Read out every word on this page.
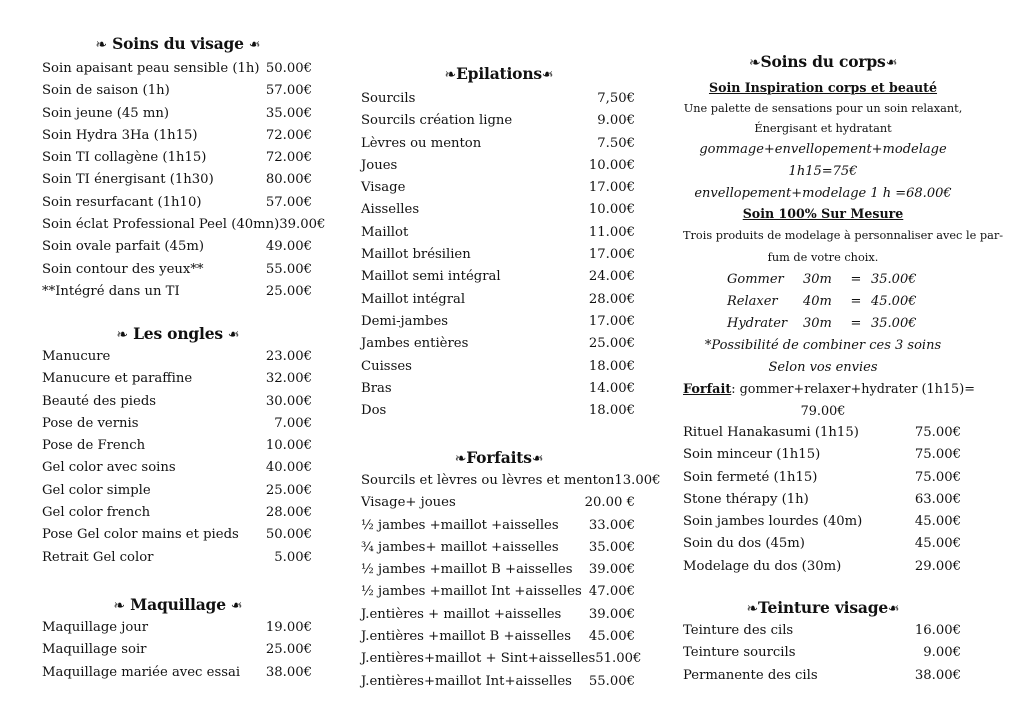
❧ Soins du visage ❧
Soin apaisant peau sensible (1h) 50.00€
Soin de saison (1h)	57.00€
Soin jeune (45 mn)	35.00€
Soin Hydra 3Ha (1h15)	72.00€
Soin TI collagène (1h15)	72.00€
Soin TI énergisant (1h30)	80.00€
Soin resurfacant (1h10)	57.00€
Soin éclat Professional Peel (40mn) 39.00€
Soin ovale parfait (45m)	49.00€
Soin contour des yeux**	55.00€
**Intégré dans un TI	25.00€
❧ Les ongles ❧
Manucure	23.00€
Manucure et paraffine	32.00€
Beauté des pieds	30.00€
Pose de vernis	7.00€
Pose de French	10.00€
Gel color avec soins	40.00€
Gel color simple	25.00€
Gel color french	28.00€
Pose Gel color mains et pieds 50.00€
Retrait Gel color	5.00€
❧ Maquillage ❧
Maquillage jour	19.00€
Maquillage soir	25.00€
Maquillage mariée avec essai 38.00€
❧Epilations❧
Sourcils	7,50€
Sourcils création ligne	9.00€
Lèvres ou menton	7.50€
Joues	10.00€
Visage	17.00€
Aisselles	10.00€
Maillot	11.00€
Maillot brésilien	17.00€
Maillot semi intégral	24.00€
Maillot intégral	28.00€
Demi-jambes	17.00€
Jambes entières	25.00€
Cuisses	18.00€
Bras	14.00€
Dos	18.00€
❧Forfaits❧
Sourcils et lèvres ou lèvres et menton 13.00€
Visage+ joues	20.00 €
½ jambes +maillot +aisselles 33.00€
¾ jambes+ maillot +aisselles 35.00€
½ jambes +maillot B +aisselles 39.00€
½ jambes +maillot Int +aisselles 47.00€
J.entières + maillot +aisselles 39.00€
J.entières +maillot B +aisselles 45.00€
J.entières+maillot + Sint+aisselles 51.00€
J.entières+maillot Int+aisselles 55.00€
❧Soins du corps❧
Soin Inspiration corps et beauté
Une palette de sensations pour un soin relaxant,
Énergisant et hydratant
gommage+envellopement+modelage
1h15=75€
envellopement+modelage 1 h =68.00€
Soin 100% Sur Mesure
Trois produits de modelage à personnaliser avec le par-
fum de votre choix.
Gommer	30m	= 35.00€
Relaxer	40m	= 45.00€
Hydrater	30m	= 35.00€
*Possibilité de combiner ces 3 soins
Selon vos envies
Forfait: gommer+relaxer+hydrater (1h15)=
79.00€
Rituel Hanakasumi (1h15)	75.00€
Soin minceur (1h15)	75.00€
Soin fermeté (1h15)	75.00€
Stone thérapy (1h)	63.00€
Soin jambes lourdes (40m)	45.00€
Soin du dos (45m)	45.00€
Modelage du dos (30m)	29.00€
❧Teinture visage❧
Teinture des cils	16.00€
Teinture sourcils	9.00€
Permanente des cils	38.00€
